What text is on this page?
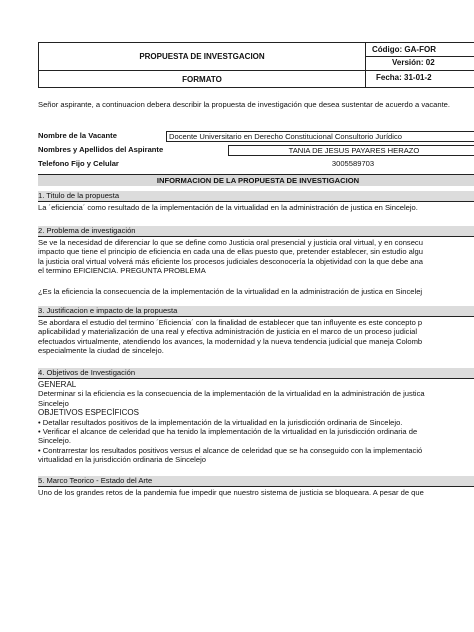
PROPUESTA DE INVESTGACION
FORMATO
Código: GA-FOR
Versión: 02
Fecha: 31-01-2
Señor aspirante, a continuacion debera describir la propuesta de investigación que desea sustentar de acuerdo a vacante.
Nombre de la Vacante	Docente Universitario en Derecho Constitucional Consultorio Jurídico
Nombres y Apellidos del Aspirante	TANIA DE JESUS PAYARES HERAZO
Telefono Fijo y Celular	3005589703
INFORMACION DE LA PROPUESTA DE INVESTIGACION
1. Titulo de la propuesta

La ´eficiencia´ como resultado de la implementación de la virtualidad en la administración de justica en Sincelejo.

2. Problema de investigación

Se ve la necesidad de diferenciar lo que se define como Justicia oral presencial y justicia oral virtual, y en consecu

impacto que tiene el principio de eficiencia en cada una de ellas puesto que, pretender establecer, sin estudio algu

la justicia oral virtual volverá más eficiente los procesos judiciales desconocería la objetividad con la que debe ana

el termino EFICIENCIA. PREGUNTA PROBLEMA

¿Es la eficiencia la consecuencia de la implementación de la virtualidad en la administración de justica en Sincelej

3. Justificacion e impacto de la propuesta

Se abordara el estudio del termino ´Eficiencia´ con la finalidad de establecer que tan influyente es este concepto p

aplicabilidad y materialización de una real y efectiva administración de justicia en el marco de un proceso judicial

efectuados virtualmente, atendiendo los avances, la modernidad y la nueva tendencia judicial que maneja Colomb

especialmente la ciudad de sincelejo.

4. Objetivos de Investigación

GENERAL

Determinar si la eficiencia es la consecuencia de la implementación de la virtualidad en la administración de justica

Sincelejo

OBJETIVOS ESPECÍFICOS

• Detallar resultados positivos de la implementación de la virtualidad en la jurisdicción ordinaria de Sincelejo.

• Verificar el alcance de celeridad que ha tenido la implementación de la virtualidad en la jurisdicción ordinaria de

Sincelejo.

• Contrarrestar los resultados positivos versus el alcance de celeridad que se ha conseguido con la implementació

virtualidad en la jurisdicción ordinaria de Sincelejo

5. Marco Teorico - Estado del Arte

Uno de los grandes retos de la pandemia fue impedir que nuestro sistema de justicia se bloqueara. A pesar de que
